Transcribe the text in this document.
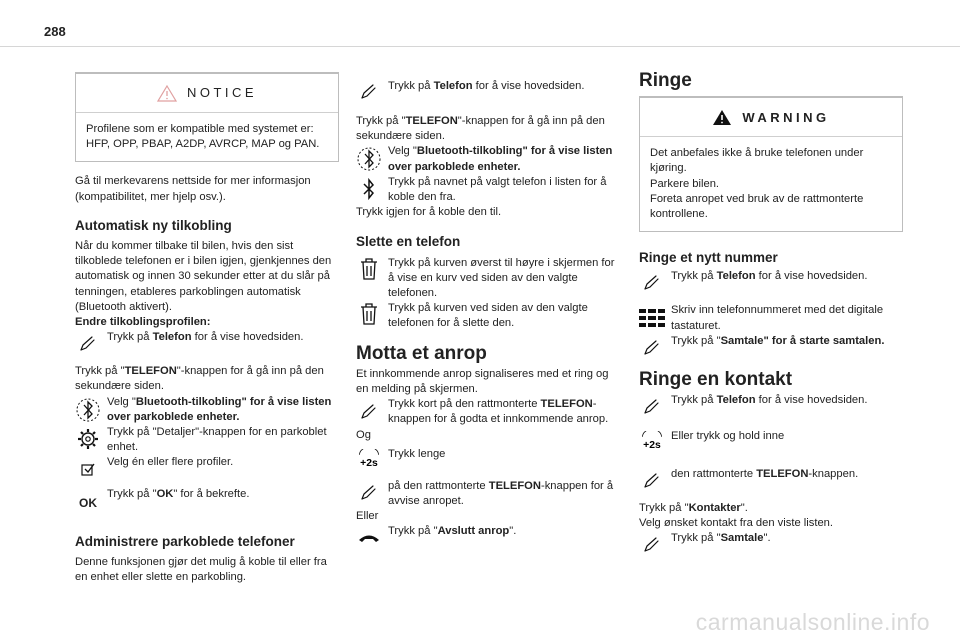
288
NOTICE

Profilene som er kompatible med systemet er: HFP, OPP, PBAP, A2DP, AVRCP, MAP og PAN.

Gå til merkevarens nettside for mer informasjon (kompatibilitet, mer hjelp osv.).

Automatisk ny tilkobling

Når du kommer tilbake til bilen, hvis den sist tilkoblede telefonen er i bilen igjen, gjenkjennes den automatisk og innen 30 sekunder etter at du slår på tenningen, etableres parkoblingen automatisk (Bluetooth aktivert).

Endre tilkoblingsprofilen:

Trykk på Telefon for å vise hovedsiden.

Trykk på "TELEFON"-knappen for å gå inn på den sekundære siden.

Velg "Bluetooth-tilkobling" for å vise listen over parkoblede enheter.

Trykk på "Detaljer"-knappen for en parkoblet enhet.

Velg én eller flere profiler.

OK

Trykk på "OK" for å bekrefte.

Administrere parkoblede telefoner

Denne funksjonen gjør det mulig å koble til eller fra en enhet eller slette en parkobling.

Trykk på Telefon for å vise hovedsiden.

Trykk på "TELEFON"-knappen for å gå inn på den sekundære siden.

Velg "Bluetooth-tilkobling" for å vise listen over parkoblede enheter.

Trykk på navnet på valgt telefon i listen for å koble den fra.

Trykk igjen for å koble den til.

Slette en telefon

Trykk på kurven øverst til høyre i skjermen for å vise en kurv ved siden av den valgte telefonen.

Trykk på kurven ved siden av den valgte telefonen for å slette den.

Motta et anrop

Et innkommende anrop signaliseres med et ring og en melding på skjermen.

Trykk kort på den rattmonterte TELEFON-knappen for å godta et innkommende anrop.

Og

+2s

Trykk lenge

på den rattmonterte TELEFON-knappen for å avvise anropet.

Eller

Trykk på "Avslutt anrop".

Ringe

WARNING

Det anbefales ikke å bruke telefonen under kjøring.

Parkere bilen.

Foreta anropet ved bruk av de rattmonterte kontrollene.

Ringe et nytt nummer

Trykk på Telefon for å vise hovedsiden.

Skriv inn telefonnummeret med det digitale tastaturet.

Trykk på "Samtale" for å starte samtalen.

Ringe en kontakt

Trykk på Telefon for å vise hovedsiden.

+2s

Eller trykk og hold inne

den rattmonterte TELEFON-knappen.

Trykk på "Kontakter".

Velg ønsket kontakt fra den viste listen.

Trykk på "Samtale".

carmanualsonline.info
